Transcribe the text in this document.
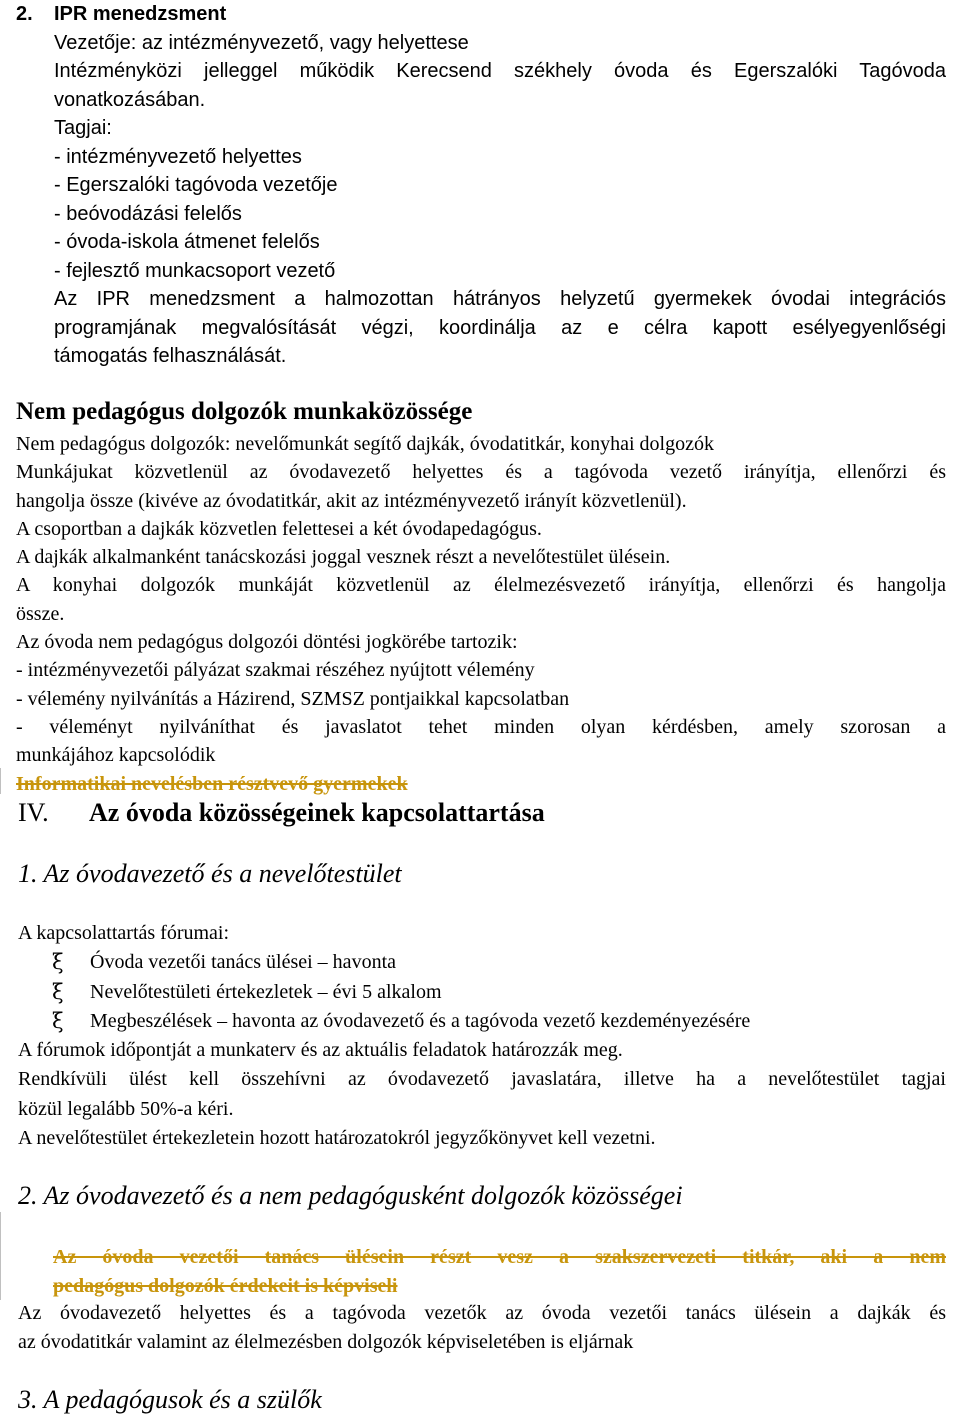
2.	IPR menedzsment
Vezetője: az intézményvezető, vagy helyettese
Intézményközi jelleggel működik Kerecsend székhely óvoda és Egerszalóki Tagóvoda
vonatkozásában.
Tagjai:
- intézményvezető helyettes
- Egerszalóki tagóvoda vezetője
- beóvodázási felelős
- óvoda-iskola átmenet felelős
- fejlesztő munkacsoport vezető
Az IPR menedzsment a halmozottan hátrányos helyzetű gyermekek óvodai integrációs
programjának megvalósítását végzi, koordinálja az e célra kapott esélyegyenlőségi
támogatás felhasználását.
Nem pedagógus dolgozók munkaközössége
Nem pedagógus dolgozók: nevelőmunkát segítő dajkák, óvodatitkár, konyhai dolgozók
Munkájukat közvetlenül az óvodavezető helyettes és a tagóvoda vezető irányítja, ellenőrzi és
hangolja össze (kivéve az óvodatitkár, akit az intézményvezető irányít közvetlenül).
A csoportban a dajkák közvetlen felettesei a két óvodapedagógus.
A dajkák alkalmanként tanácskozási joggal vesznek részt a nevelőtestület ülésein.
A konyhai dolgozók munkáját közvetlenül az élelmezésvezető irányítja, ellenőrzi és hangolja
össze.
Az óvoda nem pedagógus dolgozói döntési jogkörébe tartozik:
- intézményvezetői pályázat szakmai részéhez nyújtott vélemény
- vélemény nyilvánítás a Házirend, SZMSZ pontjaikkal kapcsolatban
- véleményt nyilváníthat és javaslatot tehet minden olyan kérdésben, amely szorosan a
munkájához kapcsolódik
Informatikai nevelésben résztvevő gyermekek
IV.	Az óvoda közösségeinek kapcsolattartása
1. Az óvodavezető és a nevelőtestület
A kapcsolattartás fórumai:
ξ	Óvoda vezetői tanács ülései – havonta
ξ	Nevelőtestületi értekezletek – évi 5 alkalom
ξ	Megbeszélések – havonta az óvodavezető és a tagóvoda vezető kezdeményezésére
A fórumok időpontját a munkaterv és az aktuális feladatok határozzák meg.
Rendkívüli ülést kell összehívni az óvodavezető javaslatára, illetve ha a nevelőtestület tagjai
közül legalább 50%-a kéri.
A nevelőtestület értekezletein hozott határozatokról jegyzőkönyvet kell vezetni.
2. Az óvodavezető és a nem pedagógusként dolgozók közösségei
Az óvoda vezetői tanács ülésein részt vesz a szakszervezeti titkár, aki a nem
pedagógus dolgozók érdekeit is képviseli
Az óvodavezető helyettes és a tagóvoda vezetők az óvoda vezetői tanács ülésein a dajkák és
az óvodatitkár valamint az élelmezésben dolgozók képviseletében is eljárnak
3. A pedagógusok és a szülők
